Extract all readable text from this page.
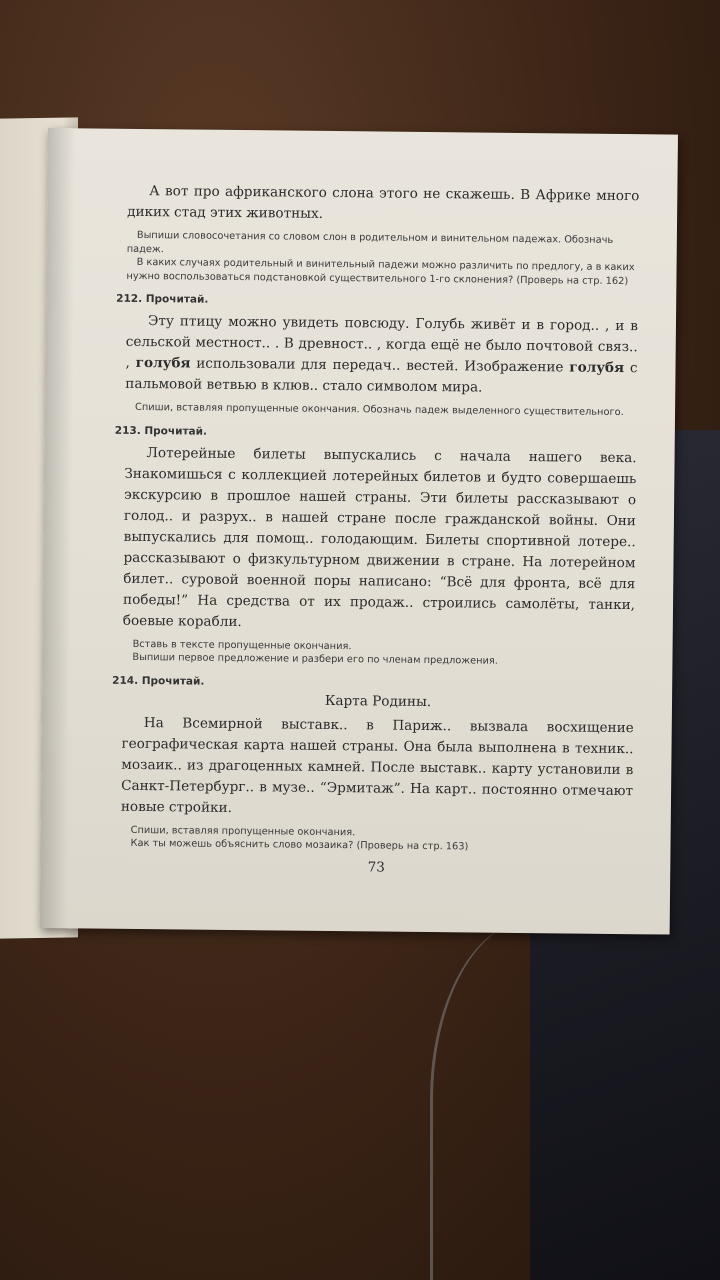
А вот про африканского слона этого не скажешь. В Африке много диких стад этих животных.

Выпиши словосочетания со словом слон в родительном и винительном падежах. Обозначь падеж.

В каких случаях родительный и винительный падежи можно различить по предлогу, а в каких нужно воспользоваться подстановкой существительного 1-го склонения? (Проверь на стр. 162)

212. Прочитай.

Эту птицу можно увидеть повсюду. Голубь живёт и в город.. , и в сельской местност.. . В древност.. , когда ещё не было почтовой связ.. , голубя использовали для передач.. вестей. Изображение голубя с пальмовой ветвью в клюв.. стало символом мира.

Спиши, вставляя пропущенные окончания. Обозначь падеж выделенного существительного.

213. Прочитай.

Лотерейные билеты выпускались с начала нашего века. Знакомишься с коллекцией лотерейных билетов и будто совершаешь экскурсию в прошлое нашей страны. Эти билеты рассказывают о голод.. и разрух.. в нашей стране после гражданской войны. Они выпускались для помощ.. голодающим. Билеты спортивной лотере.. рассказывают о физкультурном движении в стране. На лотерейном билет.. суровой военной поры написано: “Всё для фронта, всё для победы!” На средства от их продаж.. строились самолёты, танки, боевые корабли.

Вставь в тексте пропущенные окончания.

Выпиши первое предложение и разбери его по членам предложения.

214. Прочитай.

Карта Родины.

На Всемирной выставк.. в Париж.. вызвала восхищение географическая карта нашей страны. Она была выполнена в техник.. мозаик.. из драгоценных камней. После выставк.. карту установили в Санкт-Петербург.. в музе.. “Эрмитаж”. На карт.. постоянно отмечают новые стройки.

Спиши, вставляя пропущенные окончания.

Как ты можешь объяснить слово мозаика? (Проверь на стр. 163)

73
